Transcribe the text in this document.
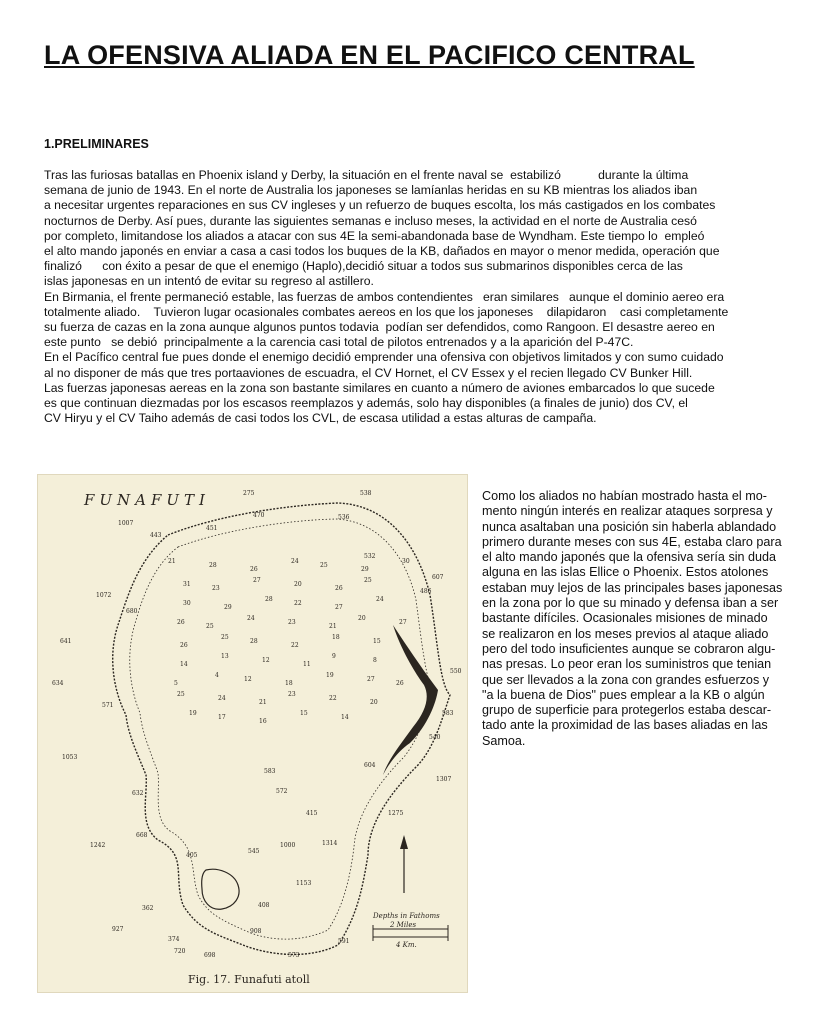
LA OFENSIVA ALIADA EN EL PACIFICO CENTRAL
1.PRELIMINARES
Tras las furiosas batallas en Phoenix island y Derby, la situación en el frente naval se  estabilizó           durante la última
semana de junio de 1943. En el norte de Australia los japoneses se lamíanlas heridas en su KB mientras los aliados iban
a necesitar urgentes reparaciones en sus CV ingleses y un refuerzo de buques escolta, los más castigados en los combates
nocturnos de Derby. Así pues, durante las siguientes semanas e incluso meses, la actividad en el norte de Australia cesó
por completo, limitandose los aliados a atacar con sus 4E la semi-abandonada base de Wyndham. Este tiempo lo  empleó
el alto mando japonés en enviar a casa a casi todos los buques de la KB, dañados en mayor o menor medida, operación que
finalizó      con éxito a pesar de que el enemigo (Haplo),decidió situar a todos sus submarinos disponibles cerca de las
islas japonesas en un intentó de evitar su regreso al astillero.
En Birmania, el frente permaneció estable, las fuerzas de ambos contendientes   eran similares   aunque el dominio aereo era
totalmente aliado.    Tuvieron lugar ocasionales combates aereos en los que los japoneses    dilapidaron    casi completamente
su fuerza de cazas en la zona aunque algunos puntos todavia  podían ser defendidos, como Rangoon. El desastre aereo en
este punto   se debió  principalmente a la carencia casi total de pilotos entrenados y a la aparición del P-47C.
En el Pacífico central fue pues donde el enemigo decidió emprender una ofensiva con objetivos limitados y con sumo cuidado
al no disponer de más que tres portaaviones de escuadra, el CV Hornet, el CV Essex y el recien llegado CV Bunker Hill.
Las fuerzas japonesas aereas en la zona son bastante similares en cuanto a número de aviones embarcados lo que sucede
es que continuan diezmadas por los escasos reemplazos y además, solo hay disponibles (a finales de junio) dos CV, el
CV Hiryu y el CV Taiho además de casi todos los CVL, de escasa utilidad a estas alturas de campaña.
FUNAFUTI
Depths in Fathoms
2 Miles
4 Km.
Fig. 17. Funafuti atoll
275
470	536
538
1007
451
443
532
1072
680
607
486
641
634
571
550
583
540
1053
604
632
1307
1275
668
1242
405
1314
545
1000
1153
362	408
374
908
927
720
698
583
415
572
591
573
21
28
26
24
25
29
30
31
23
27
20
26
25
30
29
28
22
27
24
26
25
24
23
21
20
27
26
25
28
22
18
15
14
13
12
11
9
8
5
4
12
18
19
27
26
25
24
21
23
22
20
19
17
16
15
14
Como los aliados no habían mostrado hasta el mo-
mento ningún interés en realizar ataques sorpresa y
nunca asaltaban una posición sin haberla ablandado
primero durante meses con sus 4E, estaba claro para
el alto mando japonés que la ofensiva sería sin duda
alguna en las islas Ellice o Phoenix. Estos atolones
estaban muy lejos de las principales bases japonesas
en la zona por lo que su minado y defensa iban a ser
bastante difíciles. Ocasionales misiones de minado
se realizaron en los meses previos al ataque aliado
pero del todo insuficientes aunque se cobraron algu-
nas presas. Lo peor eran los suministros que tenian
que ser llevados a la zona con grandes esfuerzos y
"a la buena de Dios" pues emplear a la KB o algún
grupo de superficie para protegerlos estaba descar-
tado ante la proximidad de las bases aliadas en las
Samoa.
